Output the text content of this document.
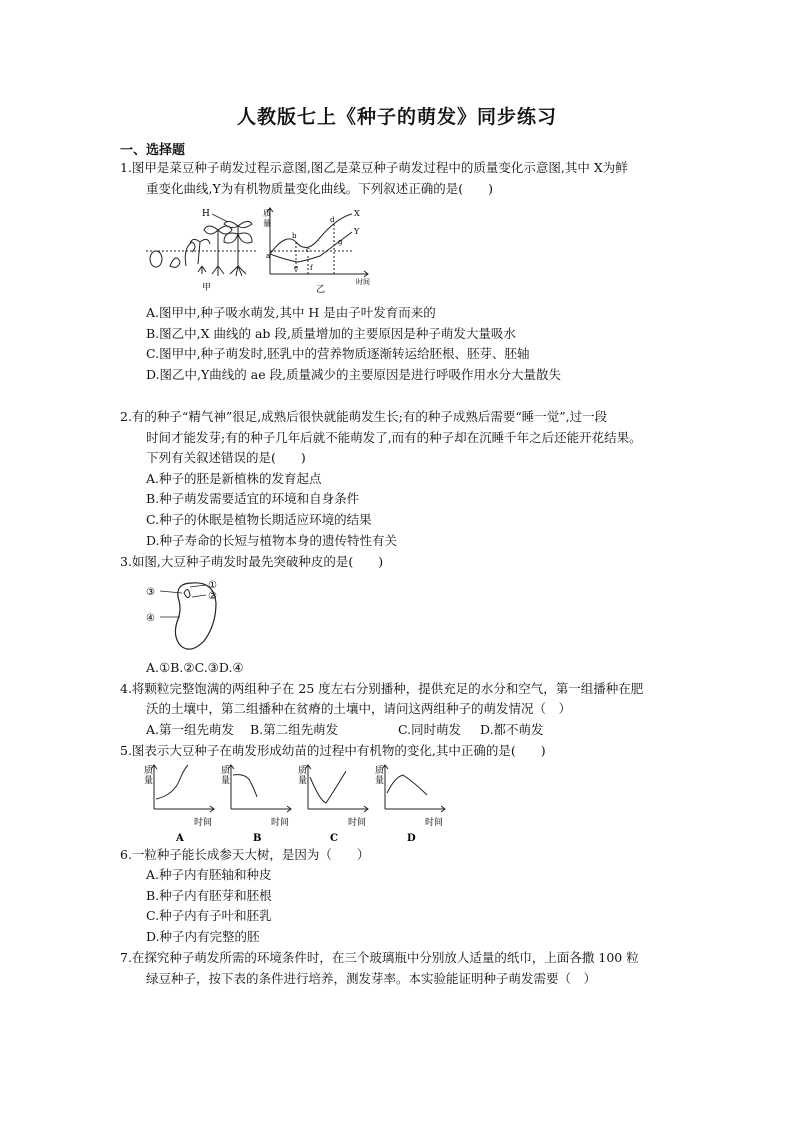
人教版七上《种子的萌发》同步练习
一、选择题
1.图甲是菜豆种子萌发过程示意图,图乙是菜豆种子萌发过程中的质量变化示意图,其中 X为鲜
重变化曲线,Y为有机物质量变化曲线。下列叙述正确的是(　　)
H
甲
质
量
X
Y
a
b
c
d
e f
g
时间
乙
A.图甲中,种子吸水萌发,其中 H 是由子叶发育而来的
B.图乙中,X 曲线的 ab 段,质量增加的主要原因是种子萌发大量吸水
C.图甲中,种子萌发时,胚乳中的营养物质逐渐转运给胚根、胚芽、胚轴
D.图乙中,Y曲线的 ae 段,质量减少的主要原因是进行呼吸作用水分大量散失
2.有的种子“精气神”很足,成熟后很快就能萌发生长;有的种子成熟后需要“睡一觉”,过一段
时间才能发芽;有的种子几年后就不能萌发了,而有的种子却在沉睡千年之后还能开花结果。
下列有关叙述错误的是(　　)
A.种子的胚是新植株的发育起点
B.种子萌发需要适宜的环境和自身条件
C.种子的休眠是植物长期适应环境的结果
D.种子寿命的长短与植物本身的遗传特性有关
3.如图,大豆种子萌发时最先突破种皮的是(　　)
①
②
③
④
A.①B.②C.③D.④
4.将颗粒完整饱满的两组种子在 25 度左右分别播种，提供充足的水分和空气，第一组播种在肥
沃的土壤中，第二组播种在贫瘠的土壤中，请问这两组种子的萌发情况（　）
A.第一组先萌发 B.第二组先萌发	C.同时萌发 D.都不萌发
5.图表示大豆种子在萌发形成幼苗的过程中有机物的变化,其中正确的是(　　)
质
量
时间
A
质
量
时间
B
质
量
时间
C
质
量
时间
D
6.一粒种子能长成参天大树，是因为（　　）
A.种子内有胚轴和种皮
B.种子内有胚芽和胚根
C.种子内有子叶和胚乳
D.种子内有完整的胚
7.在探究种子萌发所需的环境条件时，在三个玻璃瓶中分别放人适量的纸巾，上面各撒 100 粒
绿豆种子，按下表的条件进行培养，测发芽率。本实验能证明种子萌发需要（　）
